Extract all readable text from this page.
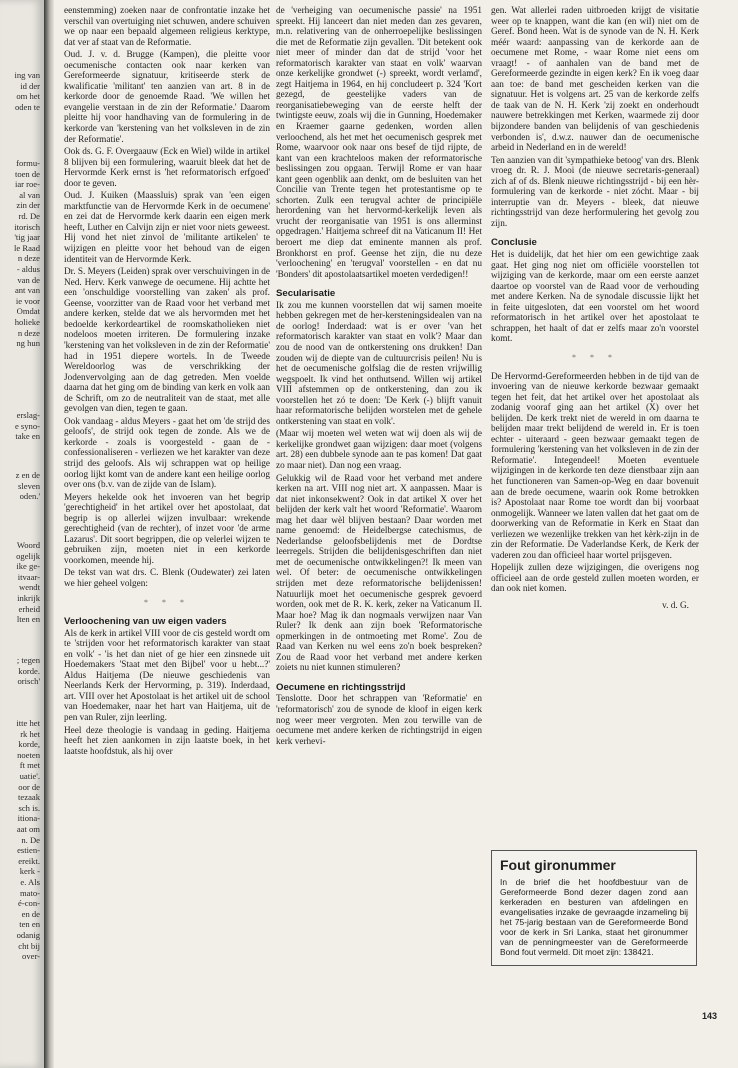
ing van
id der
om het
oden te
formu-
toen de
iar roe-
al van
zin der
rd. De
itorisch
'tig jaar
le Raad
n deze
- aldus
van de
ant van
ie voor
Omdat
holieke
n deze
ng hun
erslag-
e syno-
take en
z en de
sleven
oden.'
Woord
ogelijk
ike ge-
itvaar-
wendt
inkrijk
erheid
lten en
; tegen
korde.
orisch'
itte het
rk het
korde,
noeten
ft met
uatie'.
oor de
tezaak
sch is.
itiona-
aat om
n. De
estien-
ereikt.
kerk -
e. Als
mato-
é-con-
en de
ten en
odanig
cht bij
over-

eenstemming) zoeken naar de confrontatie inzake het verschil van overtuiging niet schuwen, andere schuiven we op naar een bepaald algemeen religieus kerktype, dat ver af staat van de Reformatie.

Oud. J. v. d. Brugge (Kampen), die pleitte voor oecumenische contacten ook naar kerken van Gereformeerde signatuur, kritiseerde sterk de kwalificatie 'militant' ten aanzien van art. 8 in de kerkorde door de genoemde Raad. 'We willen het evangelie verstaan in de zin der Reformatie.' Daarom pleitte hij voor handhaving van de formulering in de kerkorde van 'kerstening van het volksleven in de zin der Reformatie'.

Ook ds. G. F. Overgaauw (Eck en Wiel) wilde in artikel 8 blijven bij een formulering, waaruit bleek dat het de Hervormde Kerk ernst is 'het reformatorisch erfgoed' door te geven.

Oud. J. Kuiken (Maassluis) sprak van 'een eigen marktfunctie van de Hervormde Kerk in de oecumene' en zei dat de Hervormde kerk daarin een eigen merk heeft, Luther en Calvijn zijn er niet voor niets geweest. Hij vond het niet zinvol de 'militante artikelen' te wijzigen en pleitte voor het behoud van de eigen identiteit van de Hervormde Kerk.

Dr. S. Meyers (Leiden) sprak over verschuivingen in de Ned. Herv. Kerk vanwege de oecumene. Hij achtte het een 'onschuldige voorstelling van zaken' als prof. Geense, voorzitter van de Raad voor het verband met andere kerken, stelde dat we als hervormden met het bedoelde kerkordeartikel de roomskatholieken niet nodeloos moeten irriteren. De formulering inzake 'kerstening van het volksleven in de zin der Reformatie' had in 1951 diepere wortels. In de Tweede Wereldoorlog was de verschrikking der Jodenvervolging aan de dag getreden. Men voelde daarna dat het ging om de binding van kerk en volk aan de Schrift, om zo de neutraliteit van de staat, met alle gevolgen van dien, tegen te gaan.

Ook vandaag - aldus Meyers - gaat het om 'de strijd des geloofs', de strijd ook tegen de zonde. Als we de kerkorde - zoals is voorgesteld - gaan de - confessionaliseren - verliezen we het karakter van deze strijd des geloofs. Als wij schrappen wat op heilige oorlog lijkt komt van de andere kant een heilige oorlog over ons (b.v. van de zijde van de Islam).

Meyers hekelde ook het invoeren van het begrip 'gerechtigheid' in het artikel over het apostolaat, dat begrip is op allerlei wijzen invulbaar: wrekende gerechtigheid (van de rechter), of inzet voor 'de arme Lazarus'. Dit soort begrippen, die op velerlei wijzen te gebruiken zijn, moeten niet in een kerkorde voorkomen, meende hij.

De tekst van wat drs. C. Blenk (Oudewater) zei laten we hier geheel volgen:

* * *

Verloochening van uw eigen vaders

Als de kerk in artikel VIII voor de cis gesteld wordt om te 'strijden voor het reformatorisch karakter van staat en volk' - 'is het dan niet of ge hier een zinsnede uit Hoedemakers 'Staat met den Bijbel' voor u hebt...?' Aldus Haitjema (De nieuwe geschiedenis van Neerlands Kerk der Hervorming, p. 319). Inderdaad, art. VIII over het Apostolaat is het artikel uit de school van Hoedemaker, naar het hart van Haitjema, uit de pen van Ruler, zijn leerling.

Heel deze theologie is vandaag in geding. Haitjema heeft het zien aankomen in zijn laatste boek, in het laatste hoofdstuk, als hij over

de 'verheiging van oecumenische passie' na 1951 spreekt. Hij lanceert dan niet meden dan zes gevaren, m.n. relativering van de onherroepelijke beslissingen die met de Reformatie zijn gevallen. 'Dit betekent ook niet meer of minder dan dat de strijd 'voor het reformatorisch karakter van staat en volk' waarvan onze kerkelijke grondwet (-) spreekt, wordt verlamd', zegt Haitjema in 1964, en hij concludeert p. 324 'Kort gezegd, de geestelijke vaders van de reorganisatiebeweging van de eerste helft der twintigste eeuw, zoals wij die in Gunning, Hoedemaker en Kraemer gaarne gedenken, worden allen verloochend, als het met het oecumenisch gesprek met Rome, waarvoor ook naar ons besef de tijd rijpte, de kant van een krachteloos maken der reformatorische beslissingen zou opgaan. Terwijl Rome er van haar kant geen ogenblik aan denkt, om de besluiten van het Concilie van Trente tegen het protestantisme op te schorten. Zulk een terugval achter de principiële herordening van het hervormd-kerkelijk leven als vrucht der reorganisatie van 1951 is ons allerminst opgedragen.' Haitjema schreef dit na Vaticanum II! Het beroert me diep dat eminente mannen als prof. Bronkhorst en prof. Geense het zijn, die nu deze 'verloochening' en 'terugval' voorstellen - en dat nu 'Bonders' dit apostolaatsartikel moeten verdedigen!!

Secularisatie

Ik zou me kunnen voorstellen dat wij samen moeite hebben gekregen met de her-kersteningsidealen van na de oorlog! Inderdaad: wat is er over 'van het reformatorisch karakter van staat en volk'? Maar dan zou de nood van de ontkerstening ons drukken! Dan zouden wij de diepte van de cultuurcrisis peilen! Nu is het de oecumenische golfslag die de resten vrijwillig wegspoelt. Ik vind het onthutsend. Willen wij artikel VIII afstemmen op de ontkerstening, dan zou ik voorstellen het zó te doen: 'De Kerk (-) blijft vanuit haar reformatorische belijden worstelen met de gehele ontkerstening van staat en volk'.

(Maar wij moeten wel weten wat wij doen als wij de kerkelijke grondwet gaan wijzigen: daar moet (volgens art. 28) een dubbele synode aan te pas komen! Dat gaat zo maar niet). Dan nog een vraag.

Gelukkig wil de Raad voor het verband met andere kerken na art. VIII nog niet art. X aanpassen. Maar is dat niet inkonsekwent? Ook in dat artikel X over het belijden der kerk valt het woord 'Reformatie'. Waarom mag het daar wèl blijven bestaan? Daar worden met name genoemd: de Heidelbergse catechismus, de Nederlandse geloofsbelijdenis met de Dordtse leerregels. Strijden die belijdenisgeschriften dan niet met de oecumenische ontwikkelingen?! Ik meen van wel. Of beter: de oecumenische ontwikkelingen strijden met deze reformatorische belijdenissen! Natuurlijk moet het oecumenische gesprek gevoerd worden, ook met de R. K. kerk, zeker na Vaticanum II. Maar hoe? Mag ik dan nogmaals verwijzen naar Van Ruler? Ik denk aan zijn boek 'Reformatorische opmerkingen in de ontmoeting met Rome'. Zou de Raad van Kerken nu wel eens zo'n boek bespreken? Zou de Raad voor het verband met andere kerken zoiets nu niet kunnen stimuleren?

Oecumene en richtingsstrijd

Tenslotte. Door het schrappen van 'Reformatie' en 'reformatorisch' zou de synode de kloof in eigen kerk nog weer meer vergroten. Men zou terwille van de oecumene met andere kerken de richtingstrijd in eigen kerk verhevi-

gen. Wat allerlei raden uitbroeden krijgt de visitatie weer op te knappen, want die kan (en wil) niet om de Geref. Bond heen. Wat is de synode van de N. H. Kerk méér waard: aanpassing van de kerkorde aan de oecumene met Rome, - waar Rome niet eens om vraagt! - of aanhalen van de band met de Gereformeerde gezindte in eigen kerk? En ik voeg daar aan toe: de band met gescheiden kerken van die signatuur. Het is volgens art. 25 van de kerkorde zelfs de taak van de N. H. Kerk 'zij zoekt en onderhoudt nauwere betrekkingen met Kerken, waarmede zij door bijzondere banden van belijdenis of van geschiedenis verbonden is', d.w.z. nauwer dan de oecumenische arbeid in Nederland en in de wereld!

Ten aanzien van dit 'sympathieke betoog' van drs. Blenk vroeg dr. R. J. Mooi (de nieuwe secretaris-generaal) zich af of ds. Blenk nieuwe richtingsstrijd - bij een hèr-formulering van de kerkorde - niet zócht. Maar - bij interruptie van dr. Meyers - bleek, dat nieuwe richtingsstrijd van deze herformulering het gevolg zou zijn.

Conclusie

Het is duidelijk, dat het hier om een gewichtige zaak gaat. Het ging nog niet om officiële voorstellen tot wijziging van de kerkorde, maar om een eerste aanzet daartoe op voorstel van de Raad voor de verhouding met andere Kerken. Na de synodale discussie lijkt het in feite uitgesloten, dat een voorstel om het woord reformatorisch in het artikel over het apostolaat te schrappen, het haalt of dat er zelfs maar zo'n voorstel komt.

* * *

De Hervormd-Gereformeerden hebben in de tijd van de invoering van de nieuwe kerkorde bezwaar gemaakt tegen het feit, dat het artikel over het apostolaat als zodanig vooraf ging aan het artikel (X) over het belijden. De kerk trekt niet de wereld in om daarna te belijden maar trekt belijdend de wereld in. Er is toen echter - uiteraard - geen bezwaar gemaakt tegen de formulering 'kerstening van het volksleven in de zin der Reformatie'. Integendeel! Moeten eventuele wijzigingen in de kerkorde ten deze dienstbaar zijn aan het functioneren van Samen-op-Weg en daar bovenuit aan de brede oecumene, waarin ook Rome betrokken is? Apostolaat naar Rome toe wordt dan bij voorbaat onmogelijk. Wanneer we laten vallen dat het gaat om de doorwerking van de Reformatie in Kerk en Staat dan verliezen we wezenlijke trekken van het kèrk-zijn in de zin der Reformatie. De Vaderlandse Kerk, de Kerk der vaderen zou dan officieel haar wortel prijsgeven.

Hopelijk zullen deze wijzigingen, die overigens nog officieel aan de orde gesteld zullen moeten worden, er dan ook niet komen.

v. d. G.

Fout gironummer

In de brief die het hoofdbestuur van de Gereformeerde Bond dezer dagen zond aan kerkeraden en besturen van afdelingen en evangelisaties inzake de gevraagde inzameling bij het 75-jarig bestaan van de Gereformeerde Bond voor de kerk in Sri Lanka, staat het gironummer van de penningmeester van de Gereformeerde Bond fout vermeld. Dit moet zijn: 138421.
143
